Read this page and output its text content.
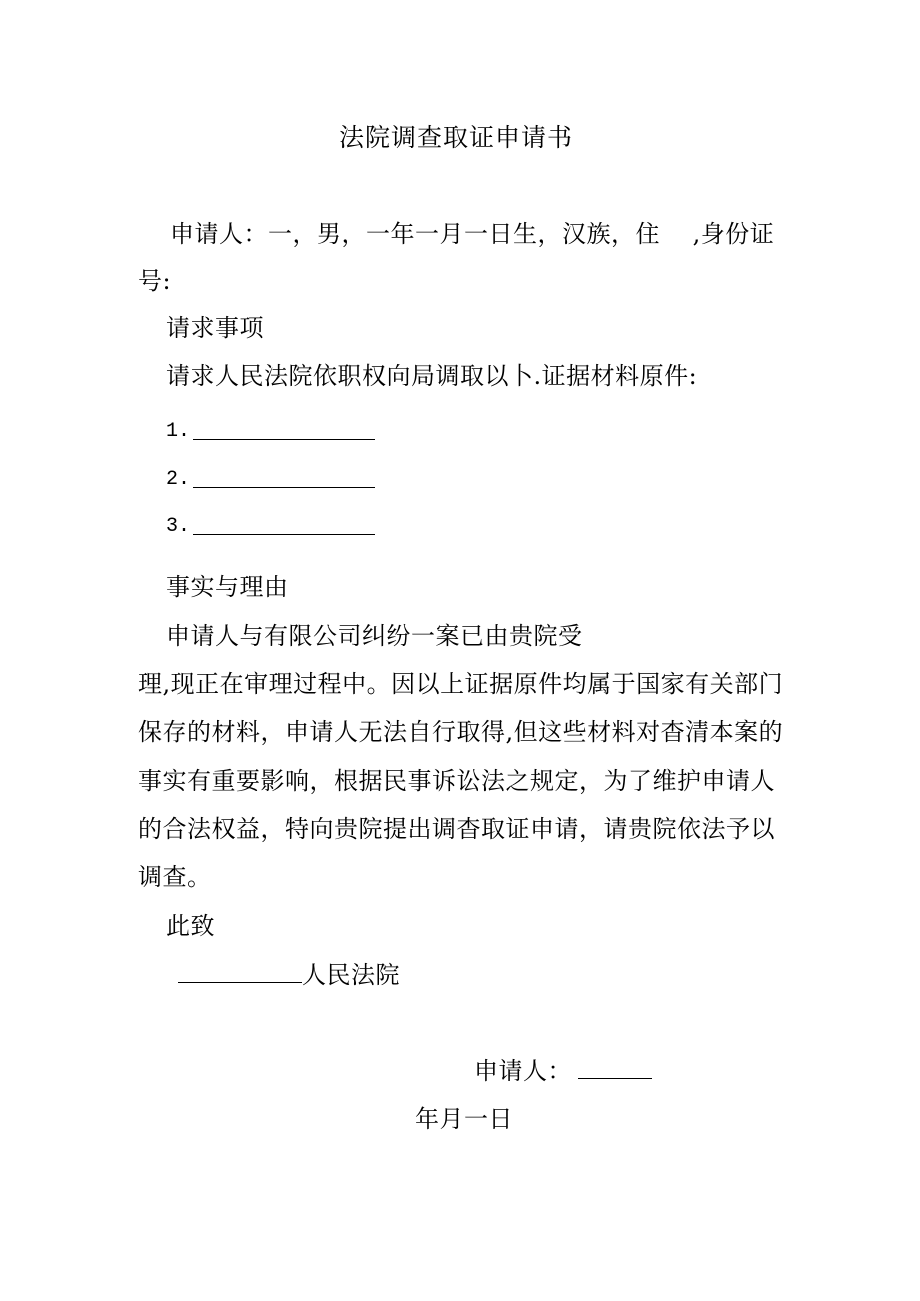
法院调查取证申请书
申请人：一，男，一年一月一日生，汉族，住　 ,身份证
号:
请求事项
请求人民法院依职权向局调取以卜.证据材料原件:
1.
2.
3.
事实与理由
申请人与有限公司纠纷一案已由贵院受
理,现正在审理过程中。因以上证据原件均属于国家有关部门
保存的材料，申请人无法自行取得,但这些材料对杳清本案的
事实有重要影响，根据民事诉讼法之规定，为了维护申请人
的合法权益，特向贵院提出调杳取证申请，请贵院依法予以
调查。
此致
人民法院
申请人：
年月一日
